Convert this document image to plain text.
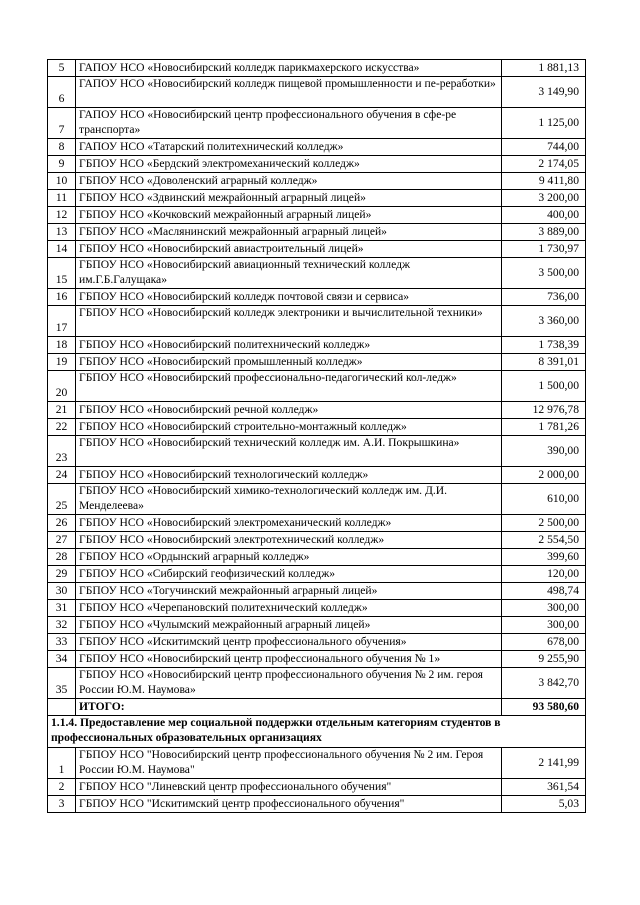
5	ГАПОУ НСО «Новосибирский колледж парикмахерского искусства»	1 881,13
6	ГАПОУ НСО «Новосибирский колледж пищевой промышленности и пе-реработки»	3 149,90
7	ГАПОУ НСО «Новосибирский центр профессионального обучения в сфе-ре транспорта»	1 125,00
8	ГАПОУ НСО «Татарский политехнический колледж»	744,00
9	ГБПОУ НСО «Бердский электромеханический колледж»	2 174,05
10	ГБПОУ НСО «Доволенский аграрный колледж»	9 411,80
11	ГБПОУ НСО «Здвинский межрайонный аграрный лицей»	3 200,00
12	ГБПОУ НСО «Кочковский межрайонный аграрный лицей»	400,00
13	ГБПОУ НСО «Маслянинский межрайонный аграрный лицей»	3 889,00
14	ГБПОУ НСО «Новосибирский авиастроительный лицей»	1 730,97
15	ГБПОУ НСО «Новосибирский авиационный технический колледж им.Г.Б.Галущака»	3 500,00
16	ГБПОУ НСО «Новосибирский колледж почтовой связи и сервиса»	736,00
17	ГБПОУ НСО «Новосибирский колледж электроники и вычислительной техники»	3 360,00
18	ГБПОУ НСО «Новосибирский политехнический колледж»	1 738,39
19	ГБПОУ НСО «Новосибирский промышленный колледж»	8 391,01
20	ГБПОУ НСО «Новосибирский профессионально-педагогический кол-ледж»	1 500,00
21	ГБПОУ НСО «Новосибирский речной колледж»	12 976,78
22	ГБПОУ НСО «Новосибирский строительно-монтажный колледж»	1 781,26
23	ГБПОУ НСО «Новосибирский технический колледж им. А.И. Покрышкина»	390,00
24	ГБПОУ НСО «Новосибирский технологический колледж»	2 000,00
25	ГБПОУ НСО «Новосибирский химико-технологический колледж им. Д.И. Менделеева»	610,00
26	ГБПОУ НСО «Новосибирский электромеханический колледж»	2 500,00
27	ГБПОУ НСО «Новосибирский электротехнический колледж»	2 554,50
28	ГБПОУ НСО «Ордынский аграрный колледж»	399,60
29	ГБПОУ НСО «Сибирский геофизический колледж»	120,00
30	ГБПОУ НСО «Тогучинский межрайонный аграрный лицей»	498,74
31	ГБПОУ НСО «Черепановский политехнический колледж»	300,00
32	ГБПОУ НСО «Чулымский межрайонный аграрный лицей»	300,00
33	ГБПОУ НСО «Искитимский центр профессионального обучения»	678,00
34	ГБПОУ НСО «Новосибирский центр профессионального обучения № 1»	9 255,90
35	ГБПОУ НСО «Новосибирский центр профессионального обучения № 2 им. героя России Ю.М. Наумова»	3 842,70
	ИТОГО:	93 580,60
1.1.4. Предоставление мер социальной поддержки отдельным категориям студентов в профессиональных образовательных организациях		
1	ГБПОУ НСО "Новосибирский центр профессионального обучения № 2 им. Героя России Ю.М. Наумова"	2 141,99
2	ГБПОУ НСО "Линевский центр профессионального обучения"	361,54
3	ГБПОУ НСО "Искитимский центр профессионального обучения"	5,03
